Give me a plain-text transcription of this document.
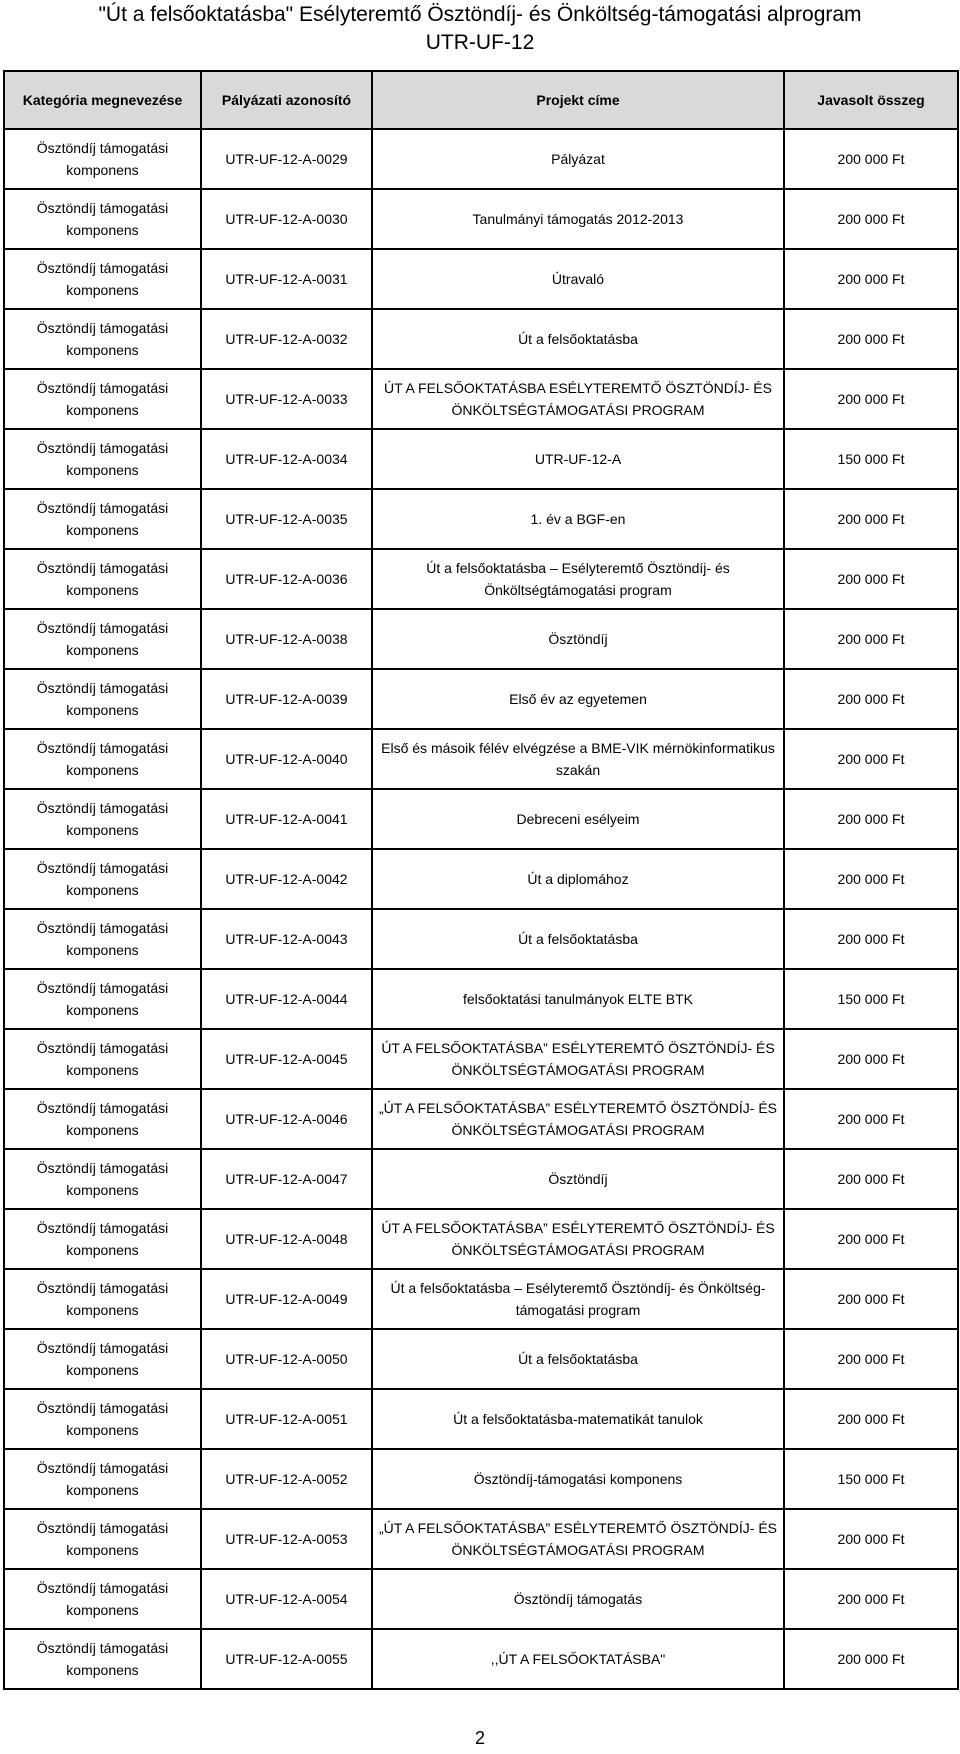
"Út a felsőoktatásba" Esélyteremtő Ösztöndíj- és Önköltség-támogatási alprogram
UTR-UF-12
Kategória megnevezése	Pályázati azonosító	Projekt címe	Javasolt összeg
Ösztöndíj támogatási komponens	UTR-UF-12-A-0029	Pályázat	200 000 Ft
Ösztöndíj támogatási komponens	UTR-UF-12-A-0030	Tanulmányi támogatás 2012-2013	200 000 Ft
Ösztöndíj támogatási komponens	UTR-UF-12-A-0031	Útravaló	200 000 Ft
Ösztöndíj támogatási komponens	UTR-UF-12-A-0032	Út a felsőoktatásba	200 000 Ft
Ösztöndíj támogatási komponens	UTR-UF-12-A-0033	ÚT A FELSŐOKTATÁSBA ESÉLYTEREMTŐ ÖSZTÖNDÍJ- ÉS ÖNKÖLTSÉGTÁMOGATÁSI PROGRAM	200 000 Ft
Ösztöndíj támogatási komponens	UTR-UF-12-A-0034	UTR-UF-12-A	150 000 Ft
Ösztöndíj támogatási komponens	UTR-UF-12-A-0035	1. év a BGF-en	200 000 Ft
Ösztöndíj támogatási komponens	UTR-UF-12-A-0036	Út a felsőoktatásba – Esélyteremtő Ösztöndíj- és Önköltségtámogatási program	200 000 Ft
Ösztöndíj támogatási komponens	UTR-UF-12-A-0038	Ösztöndíj	200 000 Ft
Ösztöndíj támogatási komponens	UTR-UF-12-A-0039	Első év az egyetemen	200 000 Ft
Ösztöndíj támogatási komponens	UTR-UF-12-A-0040	Első és másoik félév elvégzése a BME-VIK mérnökinformatikus szakán	200 000 Ft
Ösztöndíj támogatási komponens	UTR-UF-12-A-0041	Debreceni esélyeim	200 000 Ft
Ösztöndíj támogatási komponens	UTR-UF-12-A-0042	Út a diplomához	200 000 Ft
Ösztöndíj támogatási komponens	UTR-UF-12-A-0043	Út a felsőoktatásba	200 000 Ft
Ösztöndíj támogatási komponens	UTR-UF-12-A-0044	felsőoktatási tanulmányok ELTE BTK	150 000 Ft
Ösztöndíj támogatási komponens	UTR-UF-12-A-0045	ÚT A FELSŐOKTATÁSBA” ESÉLYTEREMTŐ ÖSZTÖNDÍJ- ÉS ÖNKÖLTSÉGTÁMOGATÁSI PROGRAM	200 000 Ft
Ösztöndíj támogatási komponens	UTR-UF-12-A-0046	„ÚT A FELSŐOKTATÁSBA” ESÉLYTEREMTŐ ÖSZTÖNDÍJ- ÉS ÖNKÖLTSÉGTÁMOGATÁSI PROGRAM	200 000 Ft
Ösztöndíj támogatási komponens	UTR-UF-12-A-0047	Ösztöndíj	200 000 Ft
Ösztöndíj támogatási komponens	UTR-UF-12-A-0048	ÚT A FELSŐOKTATÁSBA” ESÉLYTEREMTŐ ÖSZTÖNDÍJ- ÉS ÖNKÖLTSÉGTÁMOGATÁSI PROGRAM	200 000 Ft
Ösztöndíj támogatási komponens	UTR-UF-12-A-0049	Út a felsőoktatásba – Esélyteremtő Ösztöndíj- és Önköltség-támogatási program	200 000 Ft
Ösztöndíj támogatási komponens	UTR-UF-12-A-0050	Út a felsőoktatásba	200 000 Ft
Ösztöndíj támogatási komponens	UTR-UF-12-A-0051	Út a felsőoktatásba-matematikát tanulok	200 000 Ft
Ösztöndíj támogatási komponens	UTR-UF-12-A-0052	Ösztöndíj-támogatási komponens	150 000 Ft
Ösztöndíj támogatási komponens	UTR-UF-12-A-0053	„ÚT A FELSŐOKTATÁSBA” ESÉLYTEREMTŐ ÖSZTÖNDÍJ- ÉS ÖNKÖLTSÉGTÁMOGATÁSI PROGRAM	200 000 Ft
Ösztöndíj támogatási komponens	UTR-UF-12-A-0054	Ösztöndíj támogatás	200 000 Ft
Ösztöndíj támogatási komponens	UTR-UF-12-A-0055	,,ÚT A FELSŐOKTATÁSBA"	200 000 Ft
2
